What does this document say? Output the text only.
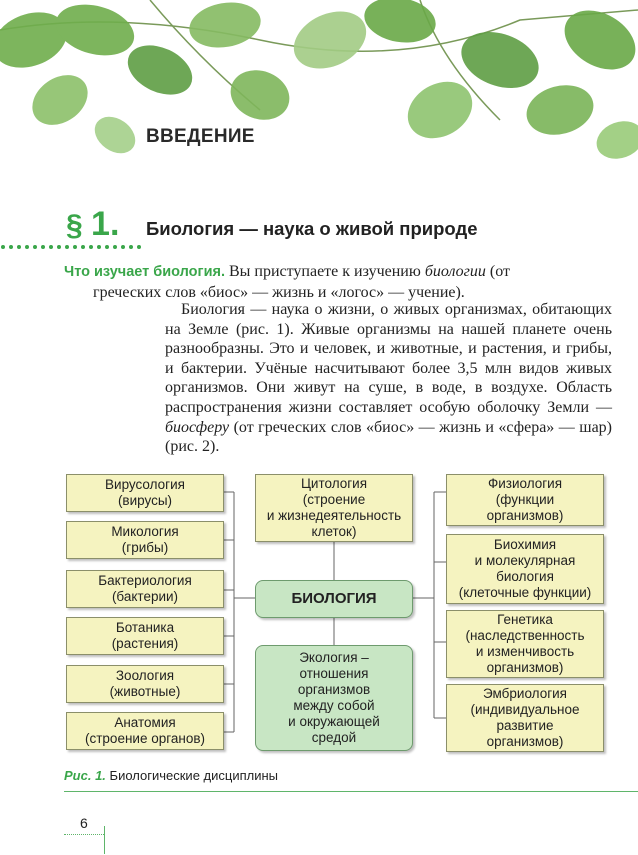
ВВЕДЕНИЕ
§ 1. Биология — наука о живой природе

Что изучает биология. Вы приступаете к изучению биологии (от
греческих слов «биос» — жизнь и «логос» — учение).

Биология — наука о жизни, о живых организмах, обитающих на Земле (рис. 1). Живые организмы на нашей планете очень разнообразны. Это и человек, и животные, и растения, и грибы, и бактерии. Учёные насчитывают более 3,5 млн видов живых организмов. Они живут на суше, в воде, в воздухе. Область распространения жизни составляет особую оболочку Земли — биосферу (от греческих слов «биос» — жизнь и «сфера» — шар) (рис. 2).

Вирусология
(вирусы)
Микология
(грибы)
Бактериология
(бактерии)
Ботаника
(растения)
Зоология
(животные)
Анатомия
(строение органов)
Цитология
(строение
и жизнедеятельность
клеток)
БИОЛОГИЯ
Экология –
отношения
организмов
между собой
и окружающей
средой
Физиология
(функции
организмов)
Биохимия
и молекулярная
биология
(клеточные функции)
Генетика
(наследственность
и изменчивость
организмов)
Эмбриология
(индивидуальное
развитие
организмов)

Рис. 1. Биологические дисциплины

6
